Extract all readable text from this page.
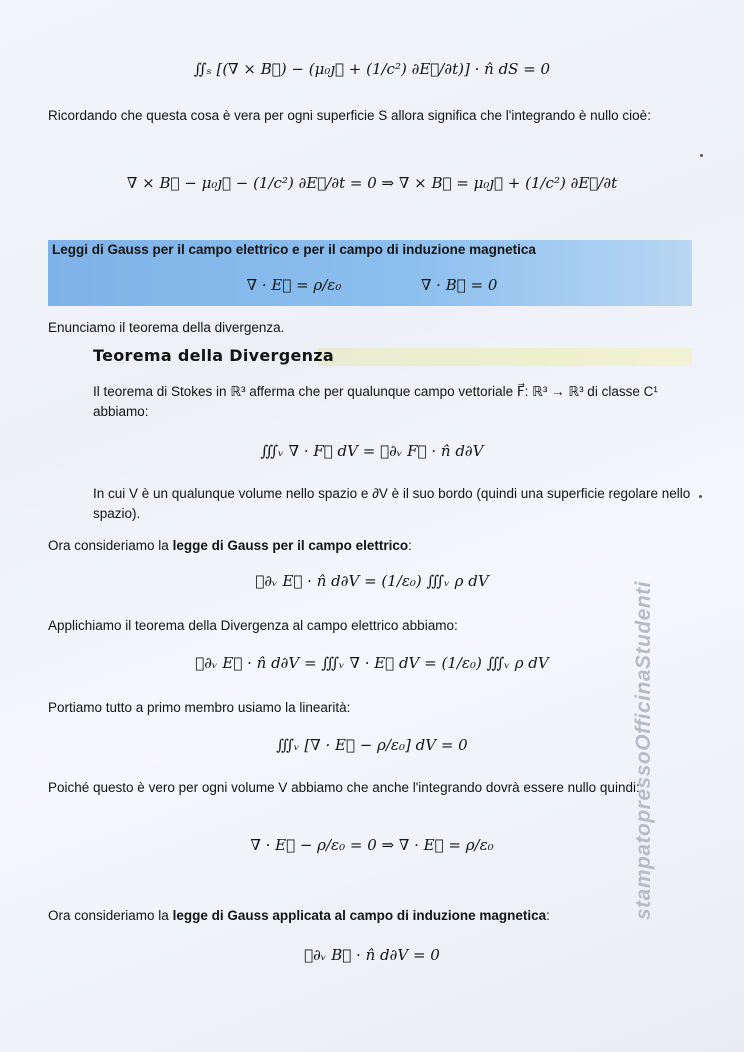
∬ₛ [(∇ × B⃗) − (μ₀ȷ⃗ + (1/c²) ∂E⃗/∂t)] · n̂ dS = 0
Ricordando che questa cosa è vera per ogni superficie S allora significa che l'integrando è nullo cioè:
∇ × B⃗ − μ₀ȷ⃗ − (1/c²) ∂E⃗/∂t = 0 ⇒ ∇ × B⃗ = μ₀ȷ⃗ + (1/c²) ∂E⃗/∂t
Leggi di Gauss per il campo elettrico e per il campo di induzione magnetica
∇ · E⃗ = ρ/ε₀	∇ · B⃗ = 0
Enunciamo il teorema della divergenza.
Teorema della Divergenza
Il teorema di Stokes in ℝ³ afferma che per qualunque campo vettoriale F⃗: ℝ³ → ℝ³ di classe C¹ abbiamo:
∭ᵥ ∇ · F⃗ dV = ∯∂ᵥ F⃗ · n̂ d∂V
In cui V è un qualunque volume nello spazio e ∂V è il suo bordo (quindi una superficie regolare nello spazio).
Ora consideriamo la legge di Gauss per il campo elettrico:
∯∂ᵥ E⃗ · n̂ d∂V = (1/ε₀) ∭ᵥ ρ dV
Applichiamo il teorema della Divergenza al campo elettrico abbiamo:
∯∂ᵥ E⃗ · n̂ d∂V = ∭ᵥ ∇ · E⃗ dV = (1/ε₀) ∭ᵥ ρ dV
Portiamo tutto a primo membro usiamo la linearità:
∭ᵥ [∇ · E⃗ − ρ/ε₀] dV = 0
Poiché questo è vero per ogni volume V abbiamo che anche l'integrando dovrà essere nullo quindi:
∇ · E⃗ − ρ/ε₀ = 0 ⇒ ∇ · E⃗ = ρ/ε₀
Ora consideriamo la legge di Gauss applicata al campo di induzione magnetica:
∯∂ᵥ B⃗ · n̂ d∂V = 0
stampatopressoOfficinaStudenti
